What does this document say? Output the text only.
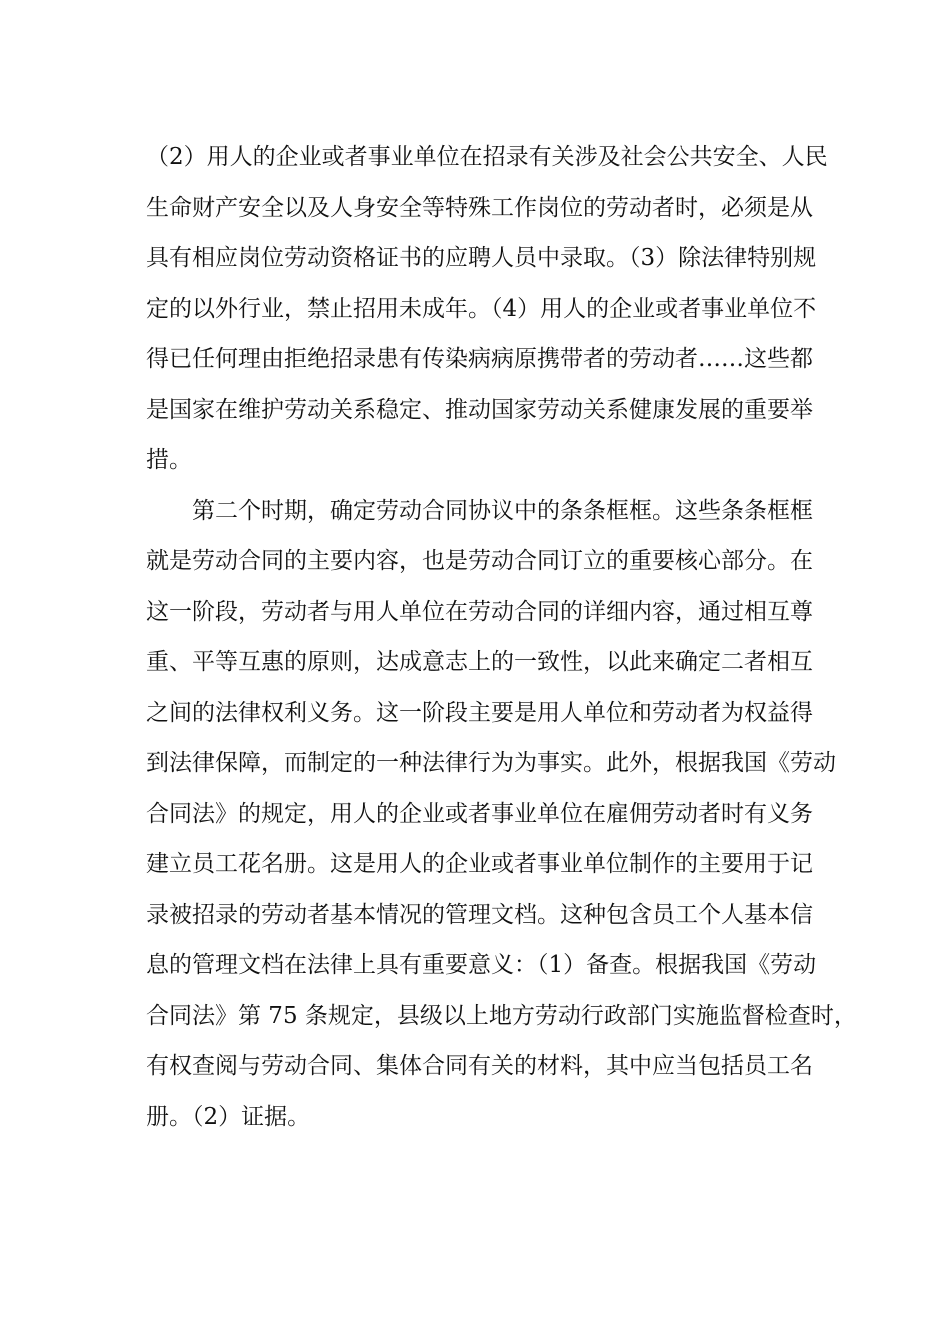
（2）用人的企业或者事业单位在招录有关涉及社会公共安全、人民
生命财产安全以及人身安全等特殊工作岗位的劳动者时，必须是从
具有相应岗位劳动资格证书的应聘人员中录取。（3）除法律特别规
定的以外行业，禁止招用未成年。（4）用人的企业或者事业单位不
得已任何理由拒绝招录患有传染病病原携带者的劳动者……这些都
是国家在维护劳动关系稳定、推动国家劳动关系健康发展的重要举
措。
　　第二个时期，确定劳动合同协议中的条条框框。这些条条框框
就是劳动合同的主要内容，也是劳动合同订立的重要核心部分。在
这一阶段，劳动者与用人单位在劳动合同的详细内容，通过相互尊
重、平等互惠的原则，达成意志上的一致性，以此来确定二者相互
之间的法律权利义务。这一阶段主要是用人单位和劳动者为权益得
到法律保障，而制定的一种法律行为为事实。此外，根据我国《劳动
合同法》的规定，用人的企业或者事业单位在雇佣劳动者时有义务
建立员工花名册。这是用人的企业或者事业单位制作的主要用于记
录被招录的劳动者基本情况的管理文档。这种包含员工个人基本信
息的管理文档在法律上具有重要意义：（1）备查。根据我国《劳动
合同法》第 75 条规定，县级以上地方劳动行政部门实施监督检查时，
有权查阅与劳动合同、集体合同有关的材料，其中应当包括员工名
册。（2）证据。
